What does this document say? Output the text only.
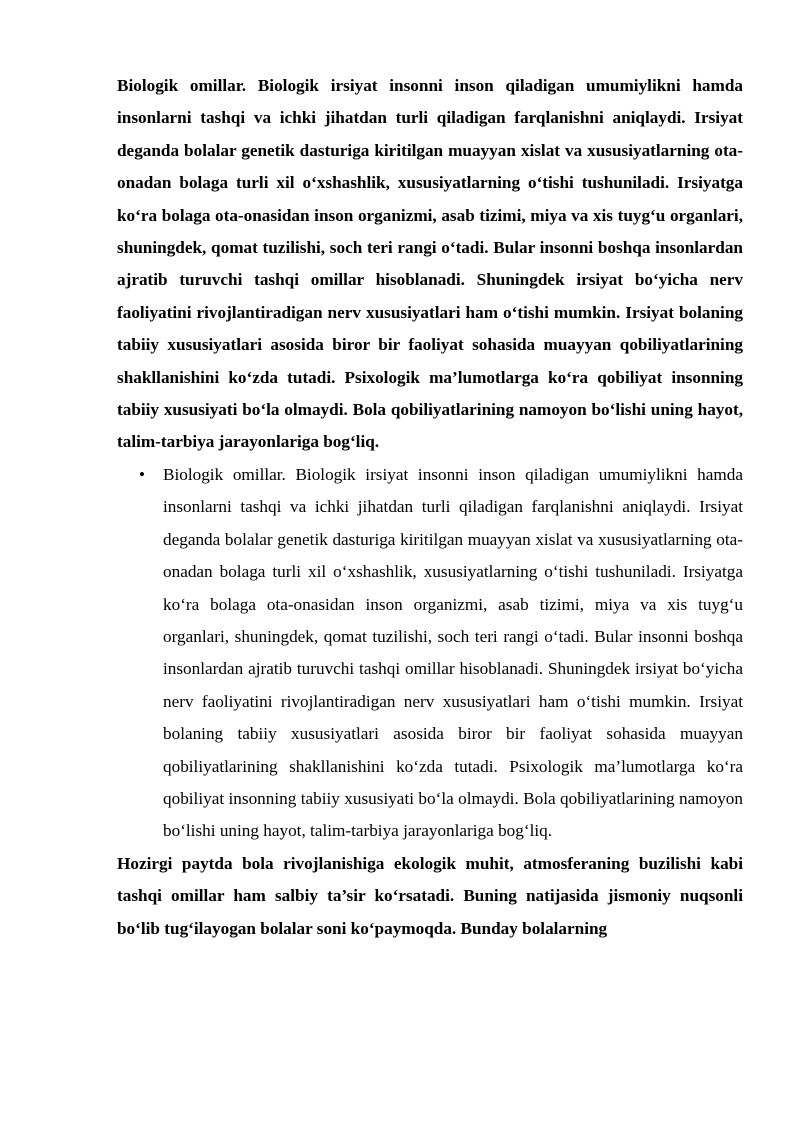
Biologik omillar. Biologik irsiyat insonni inson qiladigan umumiylikni hamda insonlarni tashqi va ichki jihatdan turli qiladigan farqlanishni aniqlaydi. Irsiyat deganda bolalar genetik dasturiga kiritilgan muayyan xislat va xususiyatlarning ota-onadan bolaga turli xil o‘xshashlik, xususiyatlarning o‘tishi tushuniladi. Irsiyatga ko‘ra bolaga ota-onasidan inson organizmi, asab tizimi, miya va xis tuyg‘u organlari, shuningdek, qomat tuzilishi, soch teri rangi o‘tadi. Bular insonni boshqa insonlardan ajratib turuvchi tashqi omillar hisoblanadi. Shuningdek irsiyat bo‘yicha nerv faoliyatini rivojlantiradigan nerv xususiyatlari ham o‘tishi mumkin. Irsiyat bolaning tabiiy xususiyatlari asosida biror bir faoliyat sohasida muayyan qobiliyatlarining shakllanishini ko‘zda tutadi. Psixologik ma’lumotlarga ko‘ra qobiliyat insonning tabiiy xususiyati bo‘la olmaydi. Bola qobiliyatlarining namoyon bo‘lishi uning hayot, talim-tarbiya jarayonlariga bog‘liq.

• Biologik omillar. Biologik irsiyat insonni inson qiladigan umumiylikni hamda insonlarni tashqi va ichki jihatdan turli qiladigan farqlanishni aniqlaydi. Irsiyat deganda bolalar genetik dasturiga kiritilgan muayyan xislat va xususiyatlarning ota-onadan bolaga turli xil o‘xshashlik, xususiyatlarning o‘tishi tushuniladi. Irsiyatga ko‘ra bolaga ota-onasidan inson organizmi, asab tizimi, miya va xis tuyg‘u organlari, shuningdek, qomat tuzilishi, soch teri rangi o‘tadi. Bular insonni boshqa insonlardan ajratib turuvchi tashqi omillar hisoblanadi. Shuningdek irsiyat bo‘yicha nerv faoliyatini rivojlantiradigan nerv xususiyatlari ham o‘tishi mumkin. Irsiyat bolaning tabiiy xususiyatlari asosida biror bir faoliyat sohasida muayyan qobiliyatlarining shakllanishini ko‘zda tutadi. Psixologik ma’lumotlarga ko‘ra qobiliyat insonning tabiiy xususiyati bo‘la olmaydi. Bola qobiliyatlarining namoyon bo‘lishi uning hayot, talim-tarbiya jarayonlariga bog‘liq.

Hozirgi paytda bola rivojlanishiga ekologik muhit, atmosferaning buzilishi kabi tashqi omillar ham salbiy ta’sir ko‘rsatadi. Buning natijasida jismoniy nuqsonli bo‘lib tug‘ilayogan bolalar soni ko‘paymoqda. Bunday bolalarning
